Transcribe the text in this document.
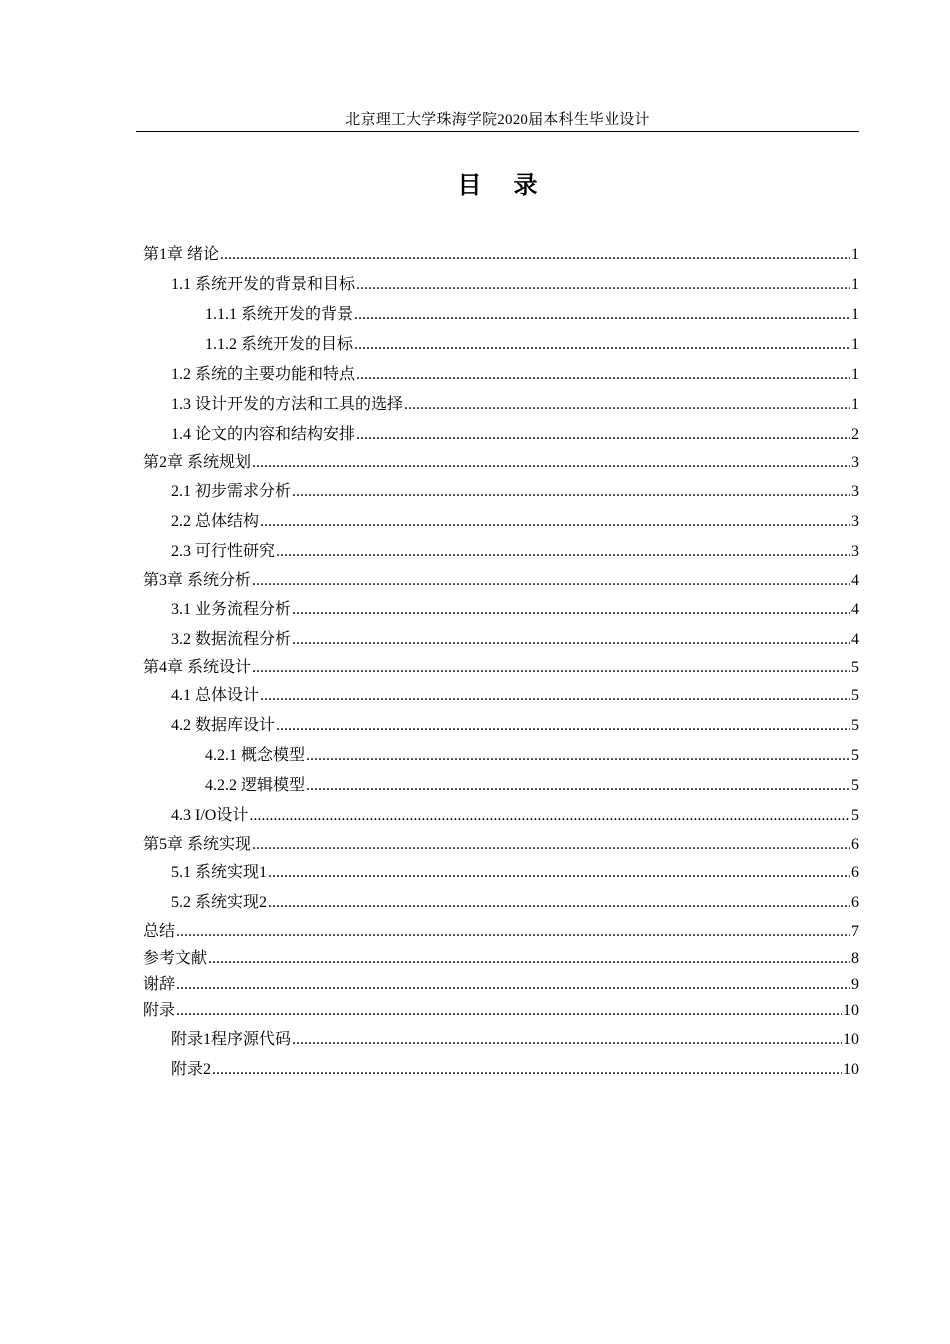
北京理工大学珠海学院2020届本科生毕业设计
目 录
第1章 绪论 .....	1
1.1 系统开发的背景和目标 .....	1
1.1.1 系统开发的背景 .....	1
1.1.2 系统开发的目标 .....	1
1.2 系统的主要功能和特点 .....	1
1.3 设计开发的方法和工具的选择 .....	1
1.4 论文的内容和结构安排 .....	2
第2章 系统规划 .....	3
2.1 初步需求分析 .....	3
2.2 总体结构 .....	3
2.3 可行性研究 .....	3
第3章 系统分析 .....	4
3.1 业务流程分析 .....	4
3.2 数据流程分析 .....	4
第4章 系统设计 .....	5
4.1 总体设计 .....	5
4.2 数据库设计 .....	5
4.2.1 概念模型 .....	5
4.2.2 逻辑模型 .....	5
4.3 I/O设计 .....	5
第5章 系统实现 .....	6
5.1 系统实现1 .....	6
5.2 系统实现2 .....	6
总结 .....	7
参考文献 .....	8
谢辞 .....	9
附录 .....	10
附录1程序源代码 .....	10
附录2 .....	10
